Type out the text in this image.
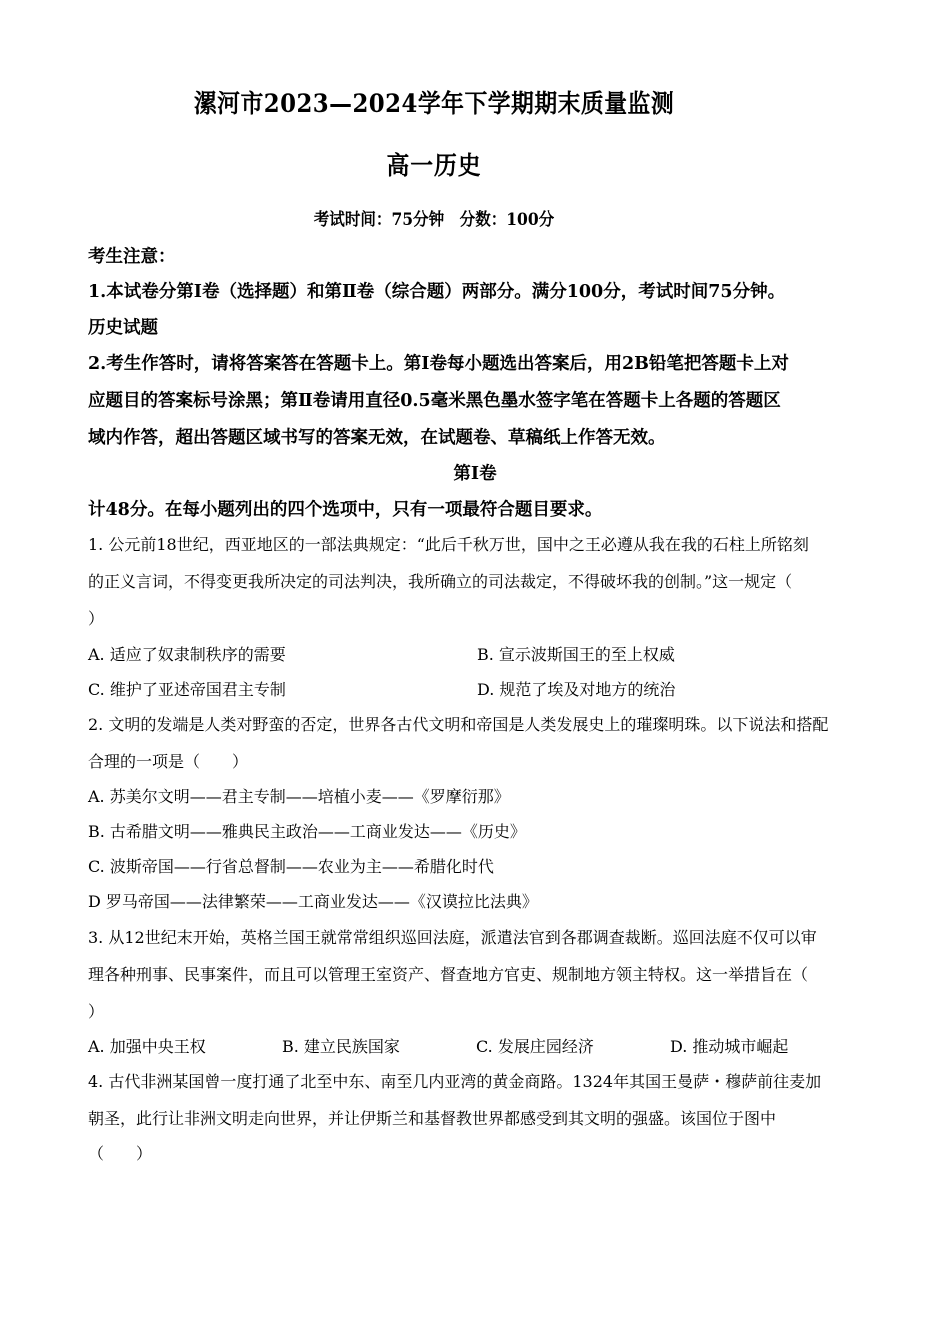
漯河市2023—2024学年下学期期末质量监测
高一历史
考试时间：75分钟　分数：100分
考生注意：
1.本试卷分第Ⅰ卷（选择题）和第Ⅱ卷（综合题）两部分。满分100分，考试时间75分钟。
历史试题
2.考生作答时，请将答案答在答题卡上。第Ⅰ卷每小题选出答案后，用2B铅笔把答题卡上对
应题目的答案标号涂黑；第Ⅱ卷请用直径0.5毫米黑色墨水签字笔在答题卡上各题的答题区
域内作答，超出答题区域书写的答案无效，在试题卷、草稿纸上作答无效。
第Ⅰ卷
计48分。在每小题列出的四个选项中，只有一项最符合题目要求。
1. 公元前18世纪，西亚地区的一部法典规定：“此后千秋万世，国中之王必遵从我在我的石柱上所铭刻
的正义言词，不得变更我所决定的司法判决，我所确立的司法裁定，不得破坏我的创制。”这一规定（
）
A. 适应了奴隶制秩序的需要	B. 宣示波斯国王的至上权威
C. 维护了亚述帝国君主专制	D. 规范了埃及对地方的统治
2. 文明的发端是人类对野蛮的否定，世界各古代文明和帝国是人类发展史上的璀璨明珠。以下说法和搭配
合理的一项是（　　）
A. 苏美尔文明——君主专制——培植小麦——《罗摩衍那》
B. 古希腊文明——雅典民主政治——工商业发达——《历史》
C. 波斯帝国——行省总督制——农业为主——希腊化时代
D 罗马帝国——法律繁荣——工商业发达——《汉谟拉比法典》
3. 从12世纪末开始，英格兰国王就常常组织巡回法庭，派遣法官到各郡调查裁断。巡回法庭不仅可以审
理各种刑事、民事案件，而且可以管理王室资产、督查地方官吏、规制地方领主特权。这一举措旨在（
）
A. 加强中央王权	B. 建立民族国家	C. 发展庄园经济	D. 推动城市崛起
4. 古代非洲某国曾一度打通了北至中东、南至几内亚湾的黄金商路。1324年其国王曼萨・穆萨前往麦加
朝圣，此行让非洲文明走向世界，并让伊斯兰和基督教世界都感受到其文明的强盛。该国位于图中
（　　）
